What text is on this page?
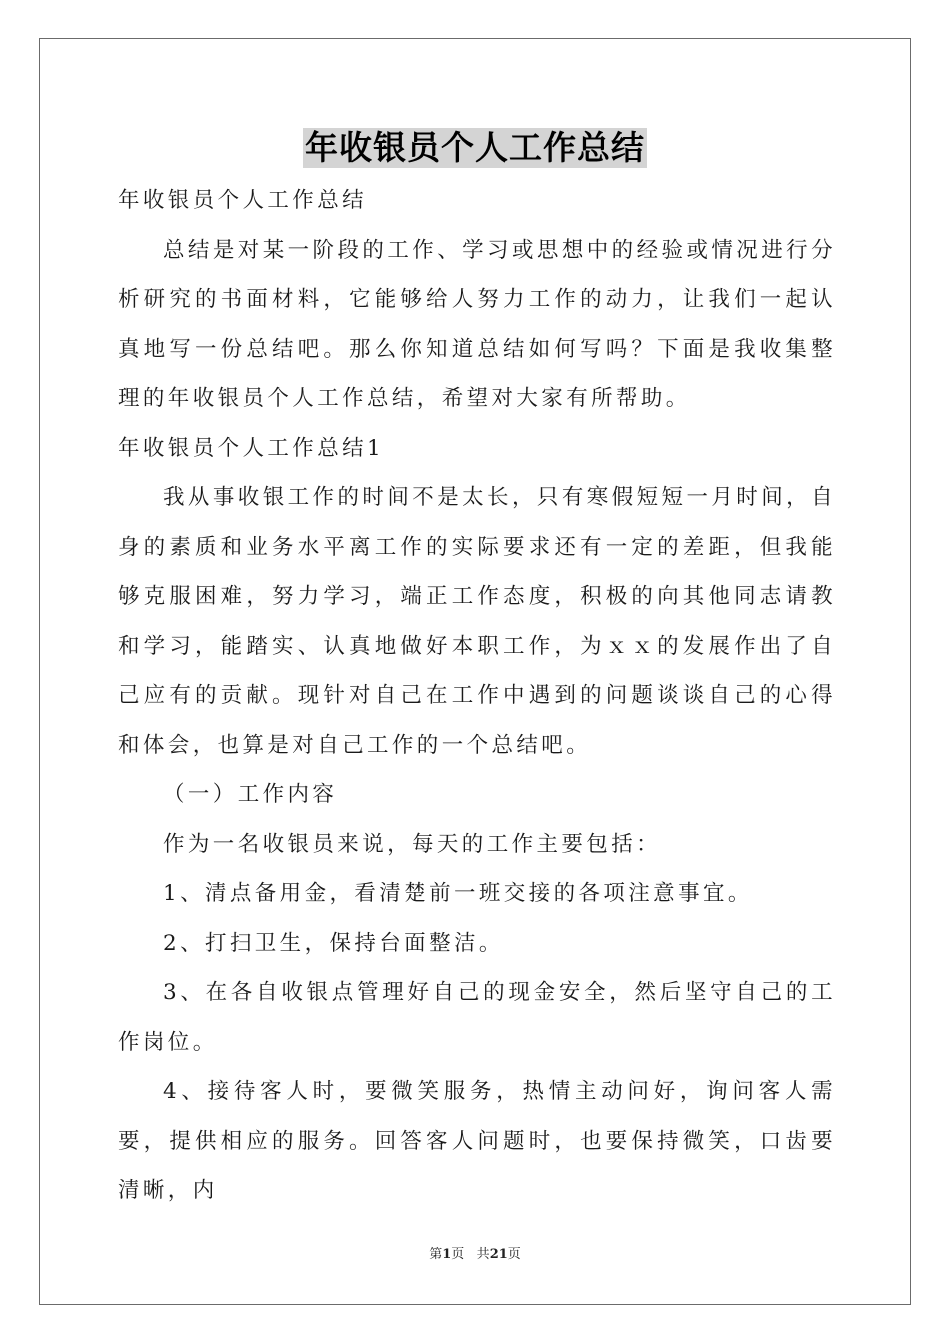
年收银员个人工作总结

年收银员个人工作总结

总结是对某一阶段的工作、学习或思想中的经验或情况进行分析研究的书面材料，它能够给人努力工作的动力，让我们一起认真地写一份总结吧。那么你知道总结如何写吗？下面是我收集整理的年收银员个人工作总结，希望对大家有所帮助。

年收银员个人工作总结1

我从事收银工作的时间不是太长，只有寒假短短一月时间，自身的素质和业务水平离工作的实际要求还有一定的差距，但我能够克服困难，努力学习，端正工作态度，积极的向其他同志请教和学习，能踏实、认真地做好本职工作，为ｘｘ的发展作出了自己应有的贡献。现针对自己在工作中遇到的问题谈谈自己的心得和体会，也算是对自己工作的一个总结吧。

（一）工作内容

作为一名收银员来说，每天的工作主要包括：

1、清点备用金，看清楚前一班交接的各项注意事宜。

2、打扫卫生，保持台面整洁。

3、在各自收银点管理好自己的现金安全，然后坚守自己的工作岗位。

4、接待客人时，要微笑服务，热情主动问好，询问客人需要，提供相应的服务。回答客人问题时，也要保持微笑，口齿要清晰，内

第1页 共21页
